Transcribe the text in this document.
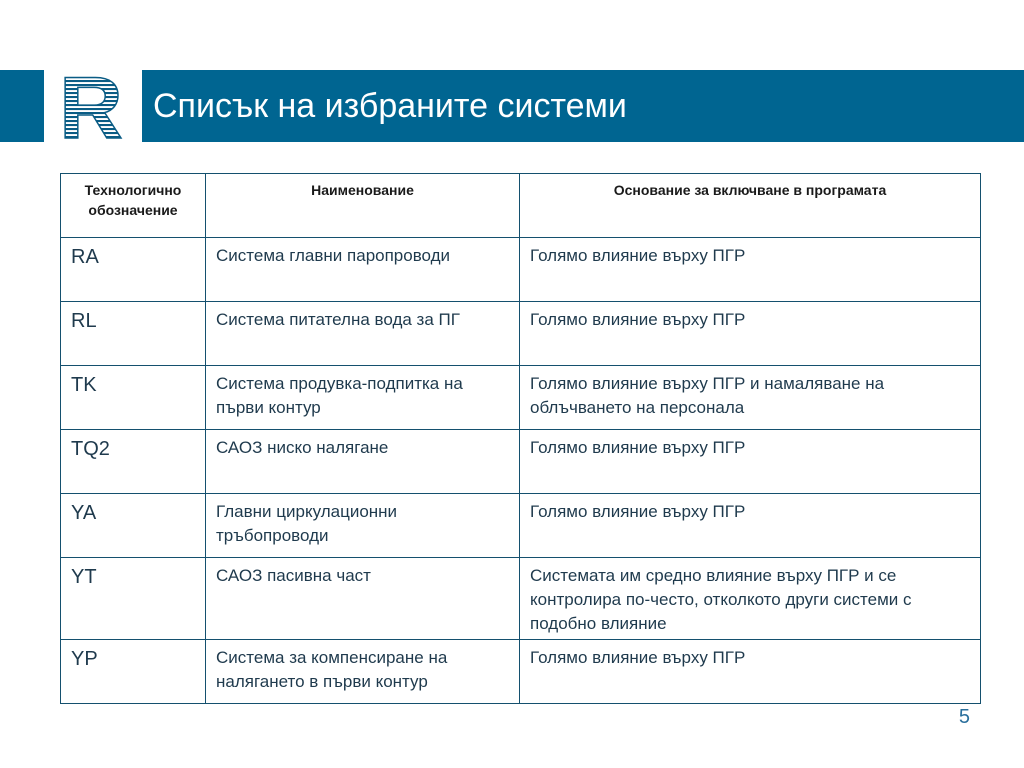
R Списък на избраните системи
Технологично обозначение	Наименование	Основание за включване в програмата
RA	Система главни паропроводи	Голямо влияние върху ПГР
RL	Система питателна вода за ПГ	Голямо влияние върху ПГР
TK	Система продувка-подпитка на първи контур	Голямо влияние върху ПГР и намаляване на облъчването на персонала
TQ2	САОЗ ниско налягане	Голямо влияние върху ПГР
YA	Главни циркулационни тръбопроводи	Голямо влияние върху ПГР
YT	САОЗ пасивна част	Системата им средно влияние върху ПГР и се контролира по-често, отколкото други системи с подобно влияние
YP	Система за компенсиране на налягането в първи контур	Голямо влияние върху ПГР
5
